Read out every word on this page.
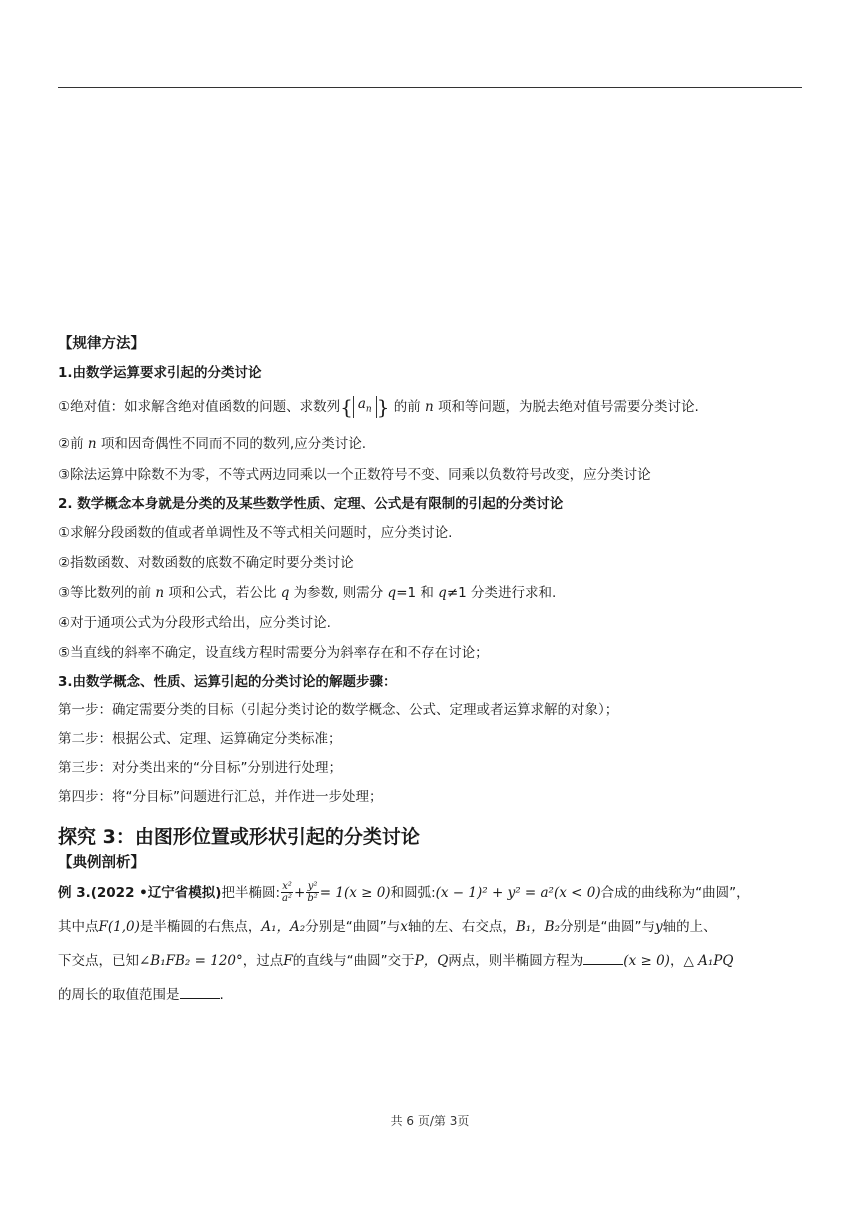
【规律方法】
1.由数学运算要求引起的分类讨论
①绝对值：如求解含绝对值函数的问题、求数列{ $a_n$ } 的前 n 项和等问题，为脱去绝对值号需要分类讨论.
②前 n 项和因奇偶性不同而不同的数列,应分类讨论.
③除法运算中除数不为零，不等式两边同乘以一个正数符号不变、同乘以负数符号改变，应分类讨论
2. 数学概念本身就是分类的及某些数学性质、定理、公式是有限制的引起的分类讨论
①求解分段函数的值或者单调性及不等式相关问题时，应分类讨论.
②指数函数、对数函数的底数不确定时要分类讨论
③等比数列的前 n 项和公式，若公比 q 为参数, 则需分 q=1 和 q≠1 分类进行求和.
④对于通项公式为分段形式给出，应分类讨论.
⑤当直线的斜率不确定，设直线方程时需要分为斜率存在和不存在讨论；
3.由数学概念、性质、运算引起的分类讨论的解题步骤：
第一步：确定需要分类的目标（引起分类讨论的数学概念、公式、定理或者运算求解的对象）；
第二步：根据公式、定理、运算确定分类标准；
第三步：对分类出来的“分目标”分别进行处理；
第四步：将“分目标”问题进行汇总，并作进一步处理；
探究 3：由图形位置或形状引起的分类讨论
【典例剖析】
例 3.(2022 •辽宁省模拟)把半椭圆: $\frac{\text{x²}}{\text{a²}} + \frac{\text{y²}}{\text{b²}} = 1(x \ge 0)$和圆弧:(x − 1)² + y² = a²(x < 0)合成的曲线称为“曲圆”，
其中点F(1,0)是半椭圆的右焦点，A₁，A₂分别是“曲圆”与x轴的左、右交点，B₁，B₂分别是“曲圆”与y轴的上、
下交点，已知∠B₁FB₂ = 120°，过点F的直线与“曲圆”交于P，Q两点，则半椭圆方程为	(x ≥ 0)，△ A₁PQ
的周长的取值范围是	.
共 6 页/第 3页
